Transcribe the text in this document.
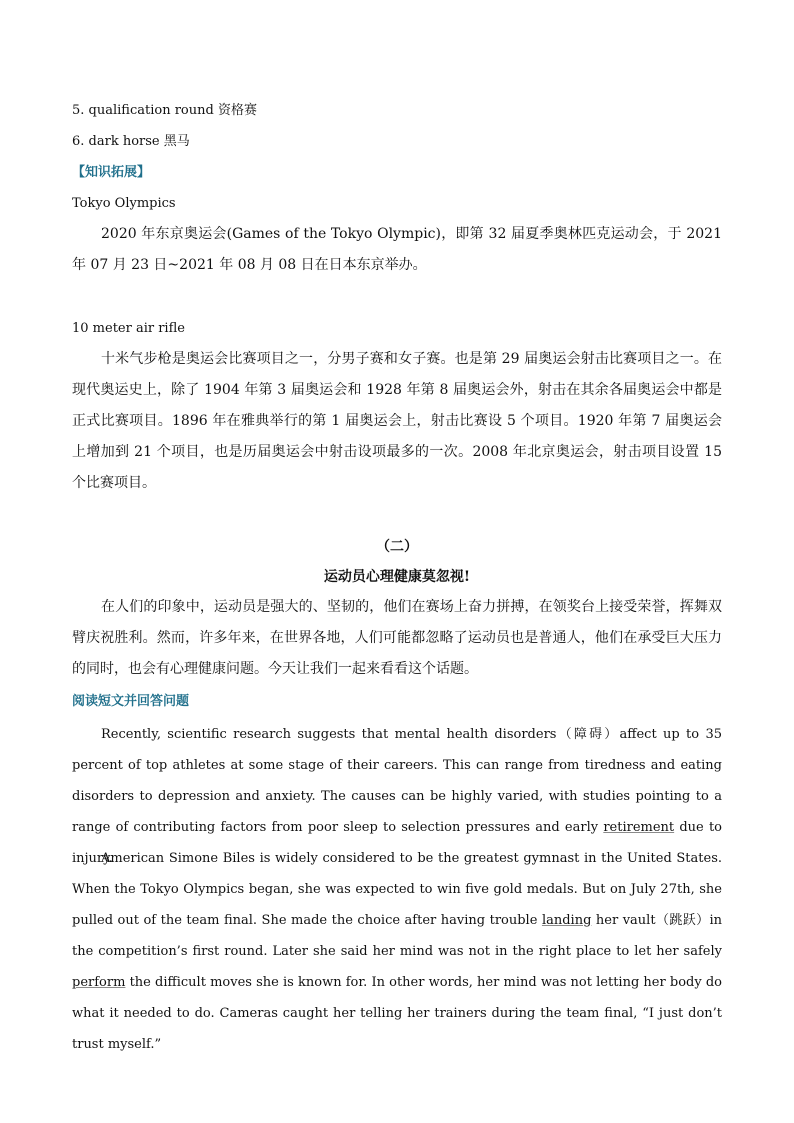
5. qualification round 资格赛
6. dark horse 黑马
【知识拓展】
Tokyo Olympics
2020 年东京奥运会(Games of the Tokyo Olympic)，即第 32 届夏季奥林匹克运动会，于 2021 年 07 月 23 日~2021 年 08 月 08 日在日本东京举办。
10 meter air rifle
十米气步枪是奥运会比赛项目之一，分男子赛和女子赛。也是第 29 届奥运会射击比赛项目之一。在现代奥运史上，除了 1904 年第 3 届奥运会和 1928 年第 8 届奥运会外，射击在其余各届奥运会中都是正式比赛项目。1896 年在雅典举行的第 1 届奥运会上，射击比赛设 5 个项目。1920 年第 7 届奥运会上增加到 21 个项目，也是历届奥运会中射击设项最多的一次。2008 年北京奥运会，射击项目设置 15 个比赛项目。
（二）
运动员心理健康莫忽视!
在人们的印象中，运动员是强大的、坚韧的，他们在赛场上奋力拼搏，在领奖台上接受荣誉，挥舞双臂庆祝胜利。然而，许多年来，在世界各地，人们可能都忽略了运动员也是普通人，他们在承受巨大压力的同时，也会有心理健康问题。今天让我们一起来看看这个话题。
阅读短文并回答问题
Recently, scientific research suggests that mental health disorders（障碍）affect up to 35 percent of top athletes at some stage of their careers. This can range from tiredness and eating disorders to depression and anxiety. The causes can be highly varied, with studies pointing to a range of contributing factors from poor sleep to selection pressures and early retirement due to injury.
American Simone Biles is widely considered to be the greatest gymnast in the United States. When the Tokyo Olympics began, she was expected to win five gold medals. But on July 27th, she pulled out of the team final. She made the choice after having trouble landing her vault（跳跃）in the competition’s first round. Later she said her mind was not in the right place to let her safely perform the difficult moves she is known for. In other words, her mind was not letting her body do what it needed to do. Cameras caught her telling her trainers during the team final, “I just don’t trust myself.”
